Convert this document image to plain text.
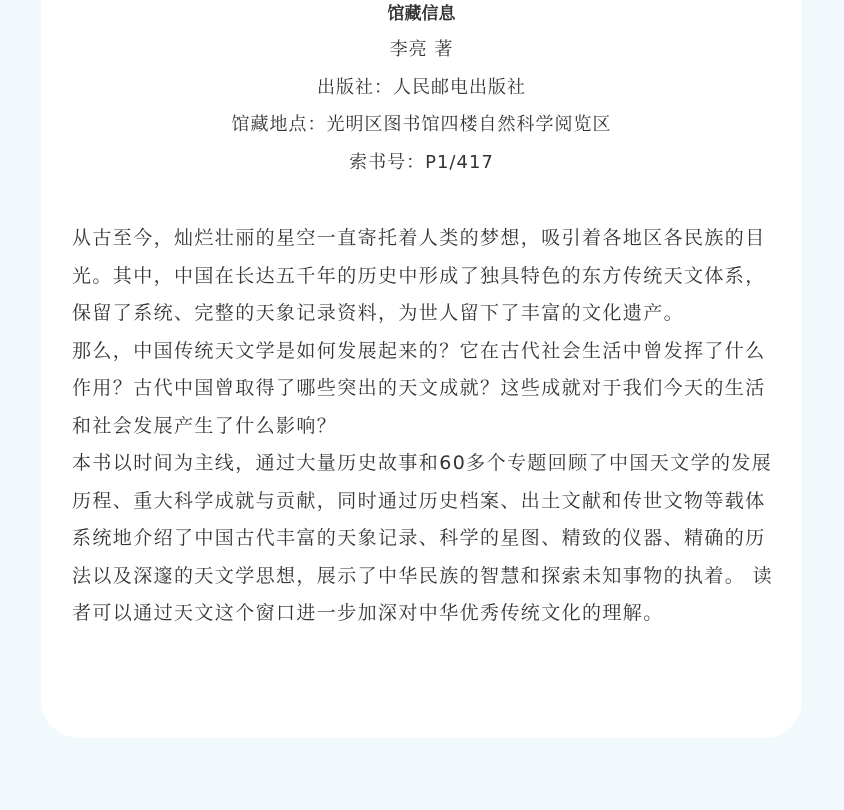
馆藏信息
李亮 著
出版社：人民邮电出版社
馆藏地点：光明区图书馆四楼自然科学阅览区
索书号：P1/417

从古至今，灿烂壮丽的星空一直寄托着人类的梦想，吸引着各地区各民族的目光。其中，中国在长达五千年的历史中形成了独具特色的东方传统天文体系，保留了系统、完整的天象记录资料，为世人留下了丰富的文化遗产。

那么，中国传统天文学是如何发展起来的？它在古代社会生活中曾发挥了什么作用？古代中国曾取得了哪些突出的天文成就？这些成就对于我们今天的生活和社会发展产生了什么影响？

本书以时间为主线，通过大量历史故事和60多个专题回顾了中国天文学的发展历程、重大科学成就与贡献，同时通过历史档案、出土文献和传世文物等载体系统地介绍了中国古代丰富的天象记录、科学的星图、精致的仪器、精确的历法以及深邃的天文学思想，展示了中华民族的智慧和探索未知事物的执着。 读者可以通过天文这个窗口进一步加深对中华优秀传统文化的理解。
